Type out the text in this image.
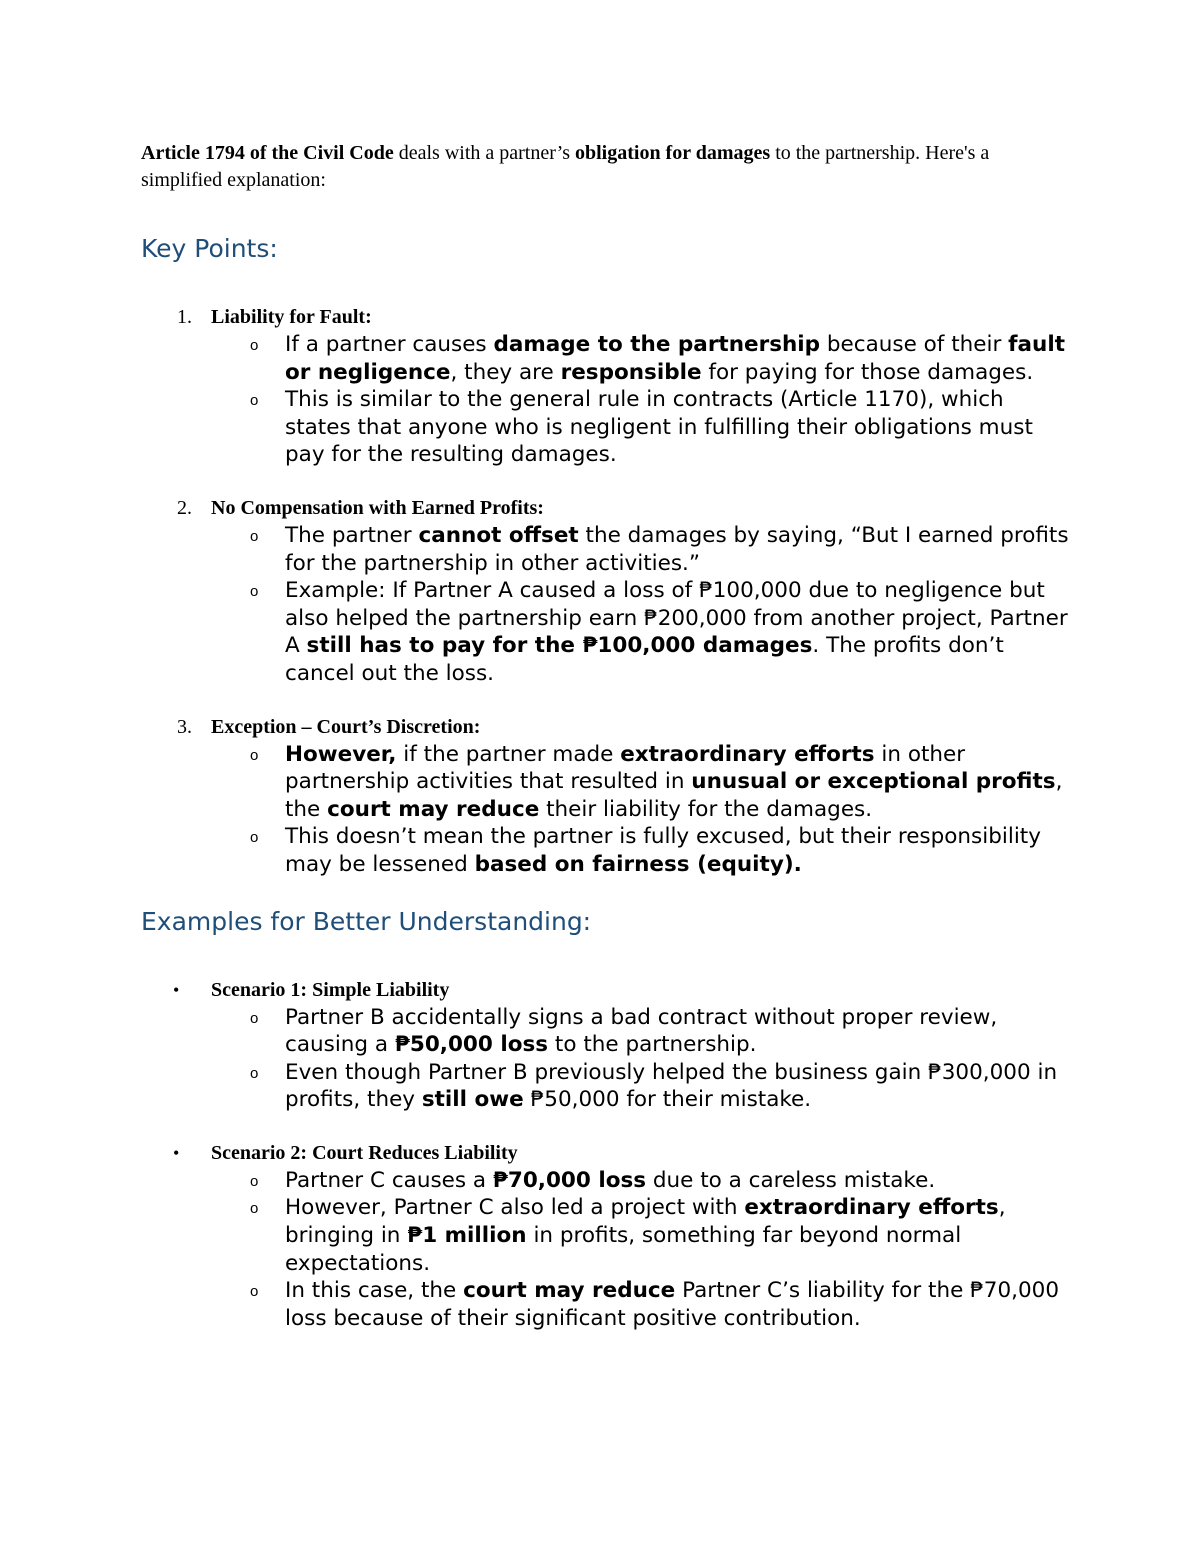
Article 1794 of the Civil Code deals with a partner’s obligation for damages to the partnership. Here's a simplified explanation:

Key Points:
1. Liability for Fault:

o	If a partner causes damage to the partnership because of their fault or negligence, they are responsible for paying for those damages.
o	This is similar to the general rule in contracts (Article 1170), which states that anyone who is negligent in fulfilling their obligations must pay for the resulting damages.
2. No Compensation with Earned Profits:

o	The partner cannot offset the damages by saying, “But I earned profits for the partnership in other activities.”
o	Example: If Partner A caused a loss of ₱100,000 due to negligence but also helped the partnership earn ₱200,000 from another project, Partner A still has to pay for the ₱100,000 damages. The profits don’t cancel out the loss.
3. Exception – Court’s Discretion:

o	However, if the partner made extraordinary efforts in other partnership activities that resulted in unusual or exceptional profits, the court may reduce their liability for the damages.
o	This doesn’t mean the partner is fully excused, but their responsibility may be lessened based on fairness (equity).
Examples for Better Understanding:
• Scenario 1: Simple Liability

o	Partner B accidentally signs a bad contract without proper review, causing a ₱50,000 loss to the partnership.
o	Even though Partner B previously helped the business gain ₱300,000 in profits, they still owe ₱50,000 for their mistake.
• Scenario 2: Court Reduces Liability

o	Partner C causes a ₱70,000 loss due to a careless mistake.
o	However, Partner C also led a project with extraordinary efforts, bringing in ₱1 million in profits, something far beyond normal expectations.
o	In this case, the court may reduce Partner C’s liability for the ₱70,000 loss because of their significant positive contribution.
